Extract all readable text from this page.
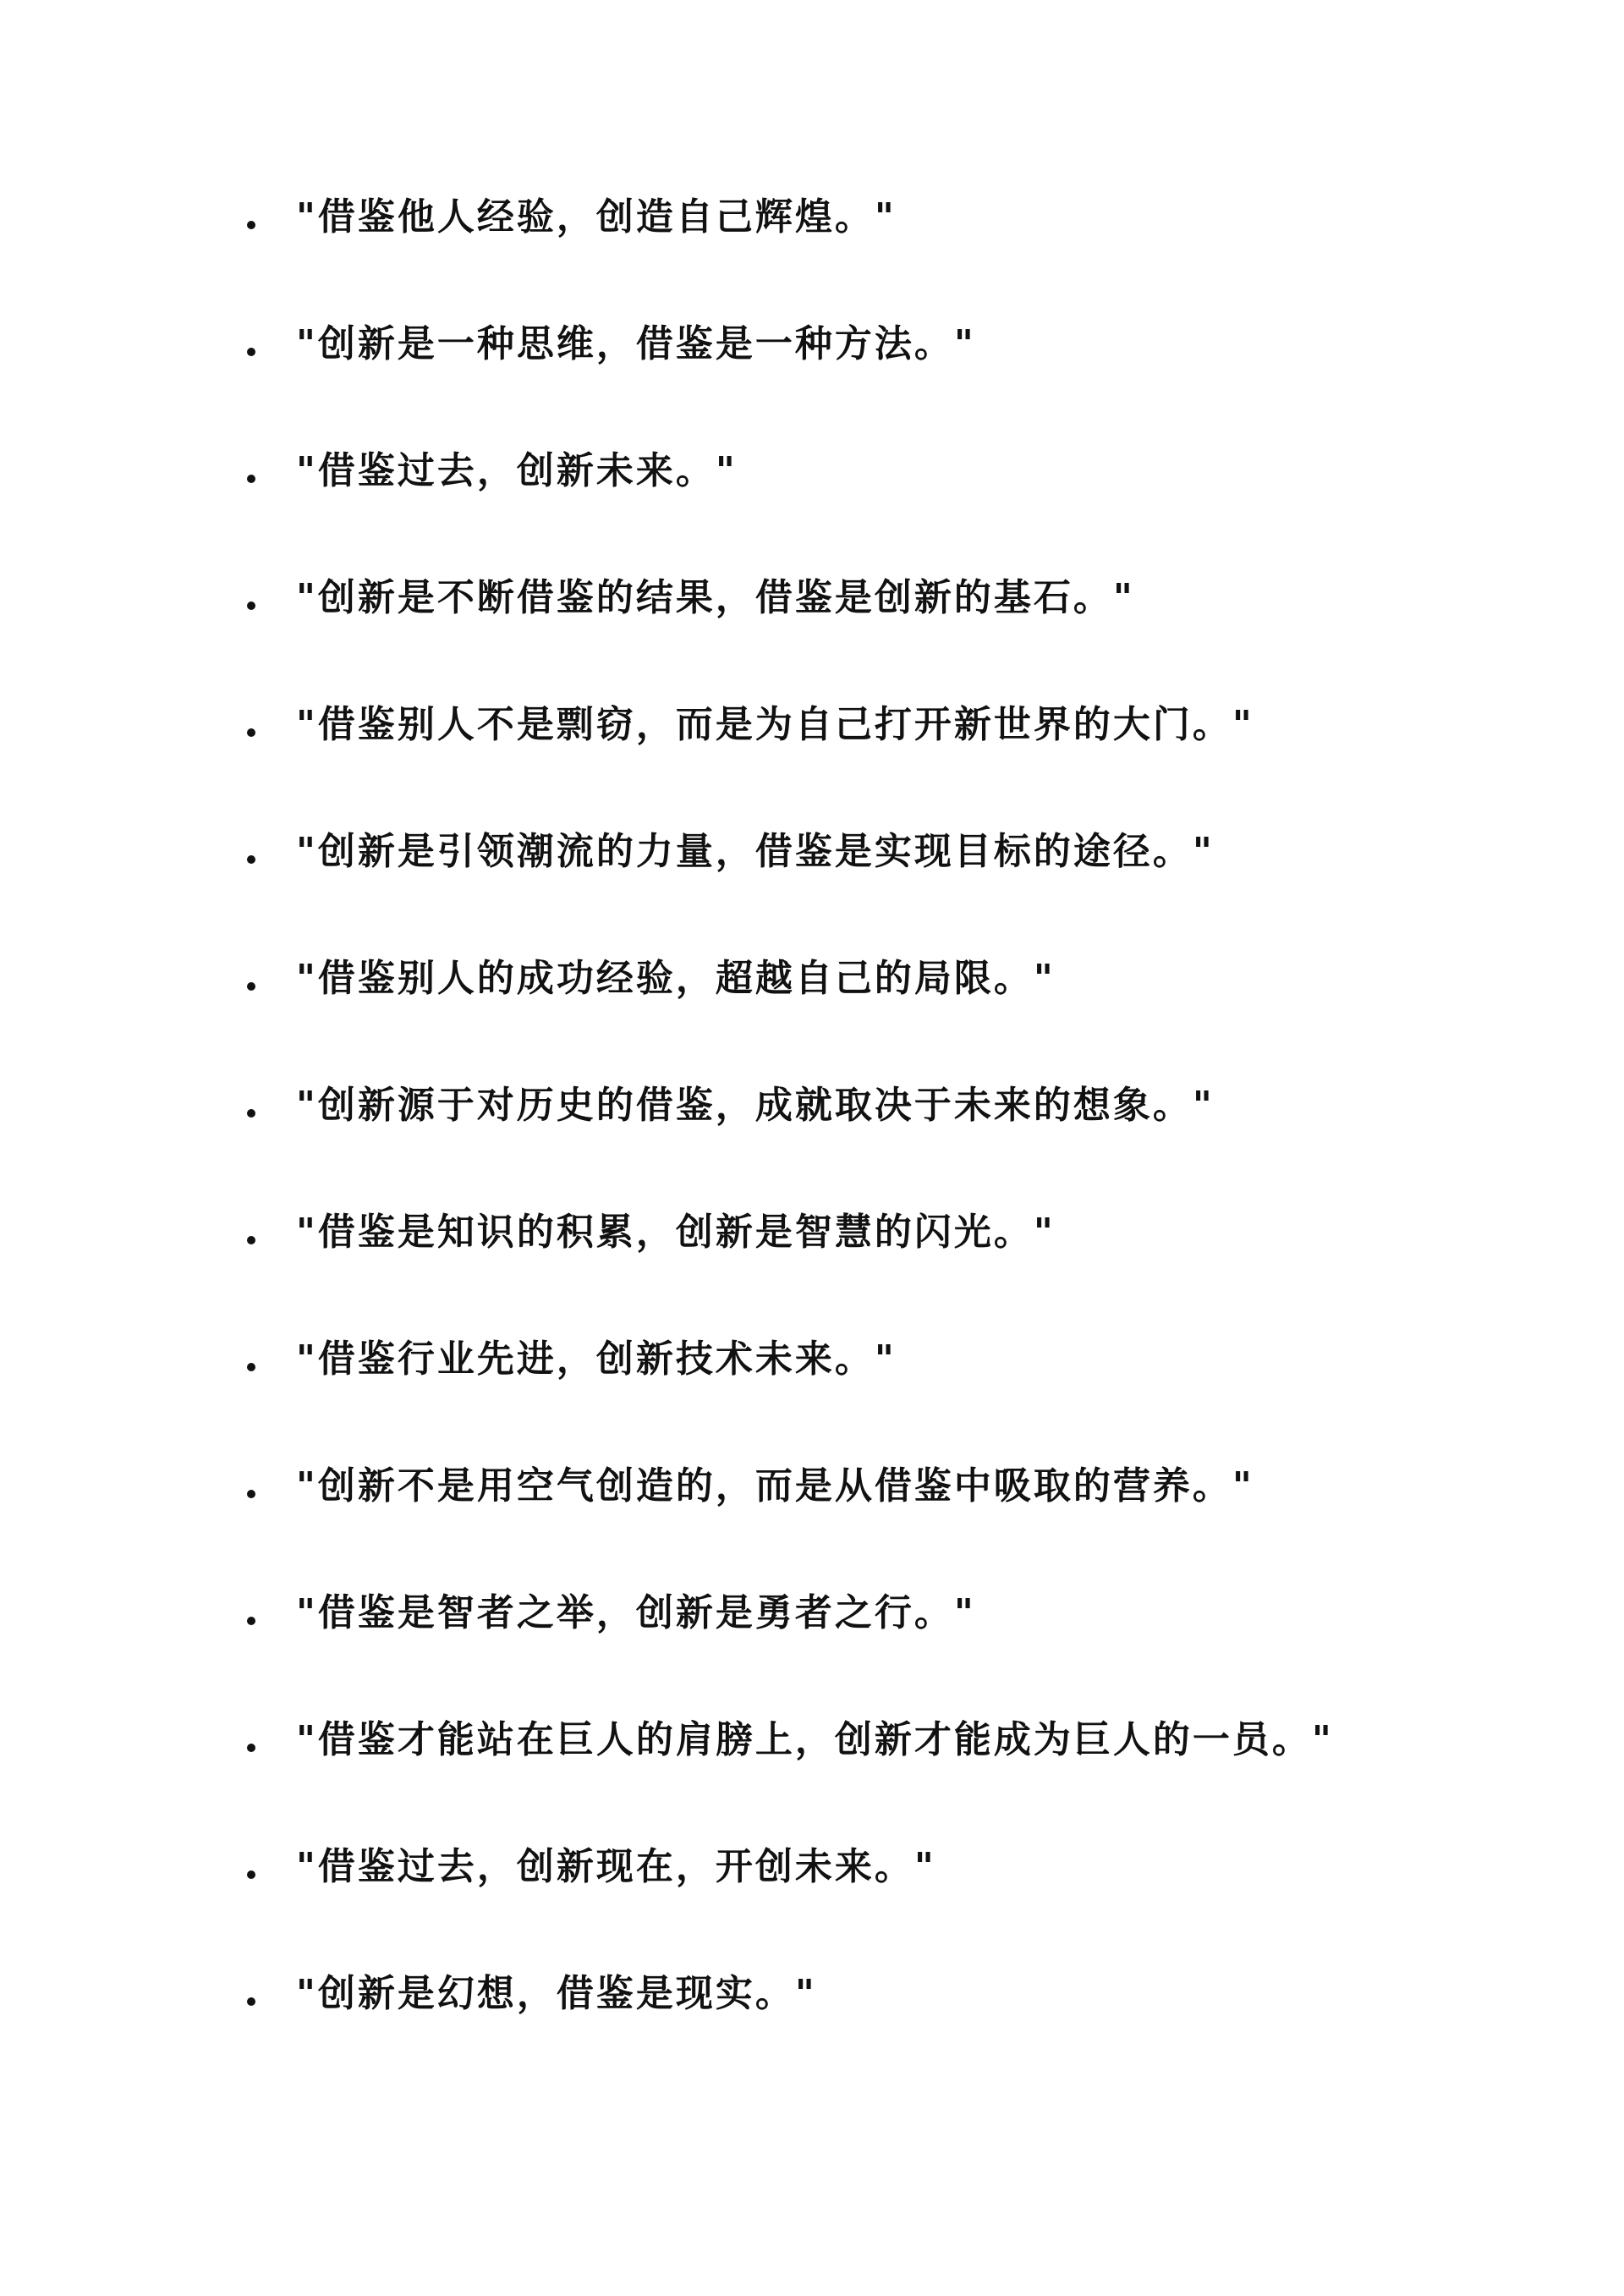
"借鉴他人经验，创造自己辉煌。"
"创新是一种思维，借鉴是一种方法。"
"借鉴过去，创新未来。"
"创新是不断借鉴的结果，借鉴是创新的基石。"
"借鉴别人不是剽窃，而是为自己打开新世界的大门。"
"创新是引领潮流的力量，借鉴是实现目标的途径。"
"借鉴别人的成功经验，超越自己的局限。"
"创新源于对历史的借鉴，成就取决于未来的想象。"
"借鉴是知识的积累，创新是智慧的闪光。"
"借鉴行业先进，创新技术未来。"
"创新不是用空气创造的，而是从借鉴中吸取的营养。"
"借鉴是智者之举，创新是勇者之行。"
"借鉴才能站在巨人的肩膀上，创新才能成为巨人的一员。"
"借鉴过去，创新现在，开创未来。"
"创新是幻想，借鉴是现实。"
